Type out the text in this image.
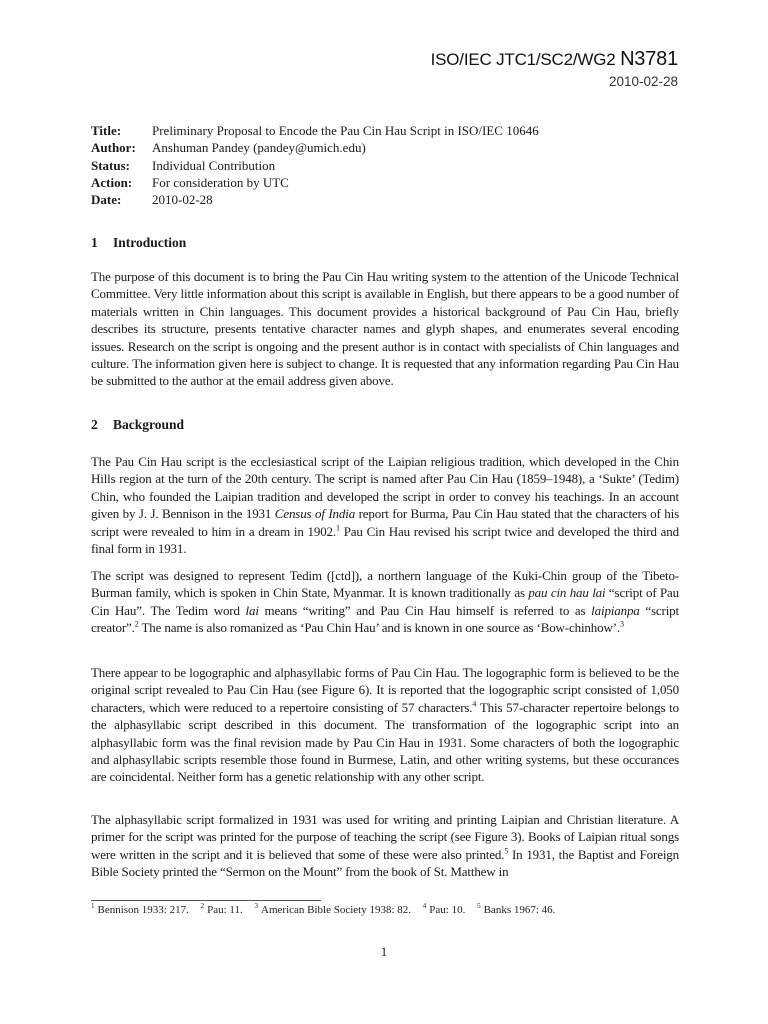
ISO/IEC JTC1/SC2/WG2 N3781
2010-02-28
Title:	Preliminary Proposal to Encode the Pau Cin Hau Script in ISO/IEC 10646
Author:	Anshuman Pandey (pandey@umich.edu)
Status:	Individual Contribution
Action:	For consideration by UTC
Date:	2010-02-28
1 Introduction
The purpose of this document is to bring the Pau Cin Hau writing system to the attention of the Unicode Technical Committee. Very little information about this script is available in English, but there appears to be a good number of materials written in Chin languages. This document provides a historical background of Pau Cin Hau, briefly describes its structure, presents tentative character names and glyph shapes, and enumerates several encoding issues. Research on the script is ongoing and the present author is in contact with specialists of Chin languages and culture. The information given here is subject to change. It is requested that any information regarding Pau Cin Hau be submitted to the author at the email address given above.
2 Background
The Pau Cin Hau script is the ecclesiastical script of the Laipian religious tradition, which developed in the Chin Hills region at the turn of the 20th century. The script is named after Pau Cin Hau (1859–1948), a ‘Sukte’ (Tedim) Chin, who founded the Laipian tradition and developed the script in order to convey his teachings. In an account given by J. J. Bennison in the 1931 Census of India report for Burma, Pau Cin Hau stated that the characters of his script were revealed to him in a dream in 1902.$^1$ Pau Cin Hau revised his script twice and developed the third and final form in 1931.
The script was designed to represent Tedim ([ctd]), a northern language of the Kuki-Chin group of the Tibeto-Burman family, which is spoken in Chin State, Myanmar. It is known traditionally as pau cin hau lai “script of Pau Cin Hau”. The Tedim word lai means “writing” and Pau Cin Hau himself is referred to as laipianpa “script creator”.$^2$ The name is also romanized as ‘Pau Chin Hau’ and is known in one source as ‘Bow-chinhow’.$^3$
There appear to be logographic and alphasyllabic forms of Pau Cin Hau. The logographic form is believed to be the original script revealed to Pau Cin Hau (see Figure 6). It is reported that the logographic script consisted of 1,050 characters, which were reduced to a repertoire consisting of 57 characters.$^4$ This 57-character repertoire belongs to the alphasyllabic script described in this document. The transformation of the logographic script into an alphasyllabic form was the final revision made by Pau Cin Hau in 1931. Some characters of both the logographic and alphasyllabic scripts resemble those found in Burmese, Latin, and other writing systems, but these occurances are coincidental. Neither form has a genetic relationship with any other script.
The alphasyllabic script formalized in 1931 was used for writing and printing Laipian and Christian literature. A primer for the script was printed for the purpose of teaching the script (see Figure 3). Books of Laipian ritual songs were written in the script and it is believed that some of these were also printed.$^5$ In 1931, the Baptist and Foreign Bible Society printed the “Sermon on the Mount” from the book of St. Matthew in
$^1$ Bennison 1933: 217. $^2$ Pau: 11. $^3$ American Bible Society 1938: 82. $^4$ Pau: 10. $^5$ Banks 1967: 46.
1
